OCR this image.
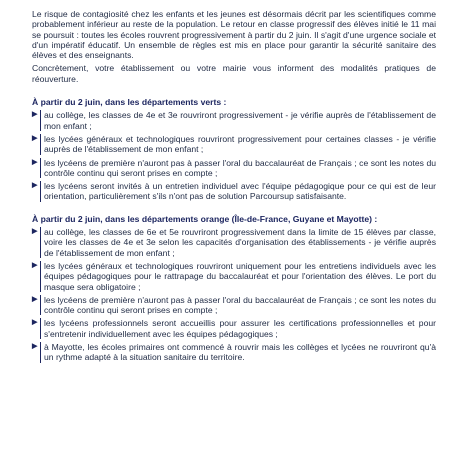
Le risque de contagiosité chez les enfants et les jeunes est désormais décrit par les scientifiques comme probablement inférieur au reste de la population. Le retour en classe progressif des élèves initié le 11 mai se poursuit : toutes les écoles rouvrent progressivement à partir du 2 juin. Il s'agit d'une urgence sociale et d'un impératif éducatif. Un ensemble de règles est mis en place pour garantir la sécurité sanitaire des élèves et des enseignants.

Concrètement, votre établissement ou votre mairie vous informent des modalités pratiques de réouverture.

À partir du 2 juin, dans les départements verts :

▶ au collège, les classes de 4e et 3e rouvriront progressivement - je vérifie auprès de l'établissement de mon enfant ;
▶ les lycées généraux et technologiques rouvriront progressivement pour certaines classes - je vérifie auprès de l'établissement de mon enfant ;
▶ les lycéens de première n'auront pas à passer l'oral du baccalauréat de Français ; ce sont les notes du contrôle continu qui seront prises en compte ;
▶ les lycéens seront invités à un entretien individuel avec l'équipe pédagogique pour ce qui est de leur orientation, particulièrement s'ils n'ont pas de solution Parcoursup satisfaisante.

À partir du 2 juin, dans les départements orange (Île-de-France, Guyane et Mayotte) :

▶ au collège, les classes de 6e et 5e rouvriront progressivement dans la limite de 15 élèves par classe, voire les classes de 4e et 3e selon les capacités d'organisation des établissements - je vérifie auprès de l'établissement de mon enfant ;
▶ les lycées généraux et technologiques rouvriront uniquement pour les entretiens individuels avec les équipes pédagogiques pour le rattrapage du baccalauréat et pour l'orientation des élèves. Le port du masque sera obligatoire ;
▶ les lycéens de première n'auront pas à passer l'oral du baccalauréat de Français ; ce sont les notes du contrôle continu qui seront prises en compte ;
▶ les lycéens professionnels seront accueillis pour assurer les certifications professionnelles et pour s'entretenir individuellement avec les équipes pédagogiques ;
▶ à Mayotte, les écoles primaires ont commencé à rouvrir mais les collèges et lycées ne rouvriront qu'à un rythme adapté à la situation sanitaire du territoire.
